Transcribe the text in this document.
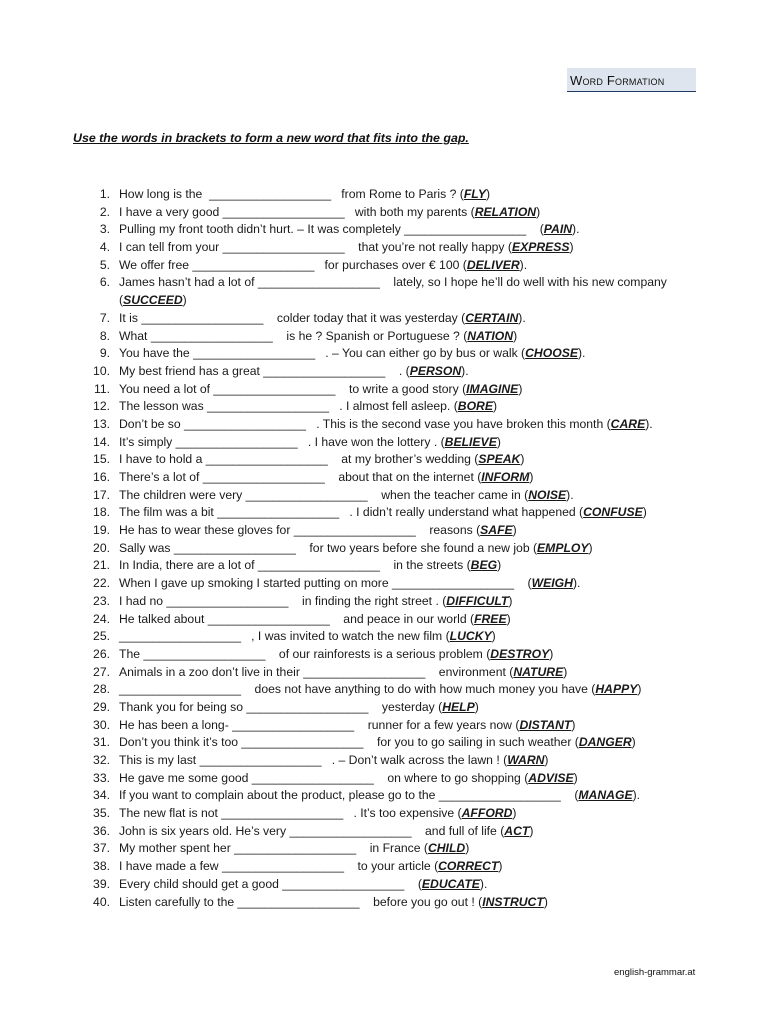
Word Formation
Use the words in brackets to form a new word that fits into the gap.
1. How long is the  __________________   from Rome to Paris ? (FLY)
2. I have a very good __________________   with both my parents (RELATION)
3. Pulling my front tooth didn’t hurt. – It was completely __________________    (PAIN).
4. I can tell from your __________________    that you’re not really happy (EXPRESS)
5. We offer free __________________   for purchases over € 100 (DELIVER).
6. James hasn’t had a lot of __________________    lately, so I hope he’ll do well with his new company
(SUCCEED)
7. It is __________________    colder today that it was yesterday (CERTAIN).
8. What __________________    is he ? Spanish or Portuguese ? (NATION)
9. You have the __________________   . – You can either go by bus or walk (CHOOSE).
10. My best friend has a great __________________    . (PERSON).
11. You need a lot of __________________    to write a good story (IMAGINE)
12. The lesson was __________________   . I almost fell asleep. (BORE)
13. Don’t be so __________________   . This is the second vase you have broken this month (CARE).
14. It’s simply __________________   . I have won the lottery . (BELIEVE)
15. I have to hold a __________________    at my brother’s wedding (SPEAK)
16. There’s a lot of __________________    about that on the internet (INFORM)
17. The children were very __________________    when the teacher came in (NOISE).
18. The film was a bit __________________   . I didn’t really understand what happened (CONFUSE)
19. He has to wear these gloves for __________________    reasons (SAFE)
20. Sally was __________________    for two years before she found a new job (EMPLOY)
21. In India, there are a lot of __________________    in the streets (BEG)
22. When I gave up smoking I started putting on more __________________    (WEIGH).
23. I had no __________________    in finding the right street . (DIFFICULT)
24. He talked about __________________    and peace in our world (FREE)
25. __________________   , I was invited to watch the new film (LUCKY)
26. The __________________    of our rainforests is a serious problem (DESTROY)
27. Animals in a zoo don’t live in their __________________    environment (NATURE)
28. __________________    does not have anything to do with how much money you have (HAPPY)
29. Thank you for being so __________________    yesterday (HELP)
30. He has been a long- __________________    runner for a few years now (DISTANT)
31. Don’t you think it’s too __________________    for you to go sailing in such weather (DANGER)
32. This is my last __________________   . – Don’t walk across the lawn ! (WARN)
33. He gave me some good __________________    on where to go shopping (ADVISE)
34. If you want to complain about the product, please go to the __________________    (MANAGE).
35. The new flat is not __________________   . It’s too expensive (AFFORD)
36. John is six years old. He’s very __________________    and full of life (ACT)
37. My mother spent her __________________    in France (CHILD)
38. I have made a few __________________    to your article (CORRECT)
39. Every child should get a good __________________    (EDUCATE).
40. Listen carefully to the __________________    before you go out ! (INSTRUCT)
english-grammar.at
